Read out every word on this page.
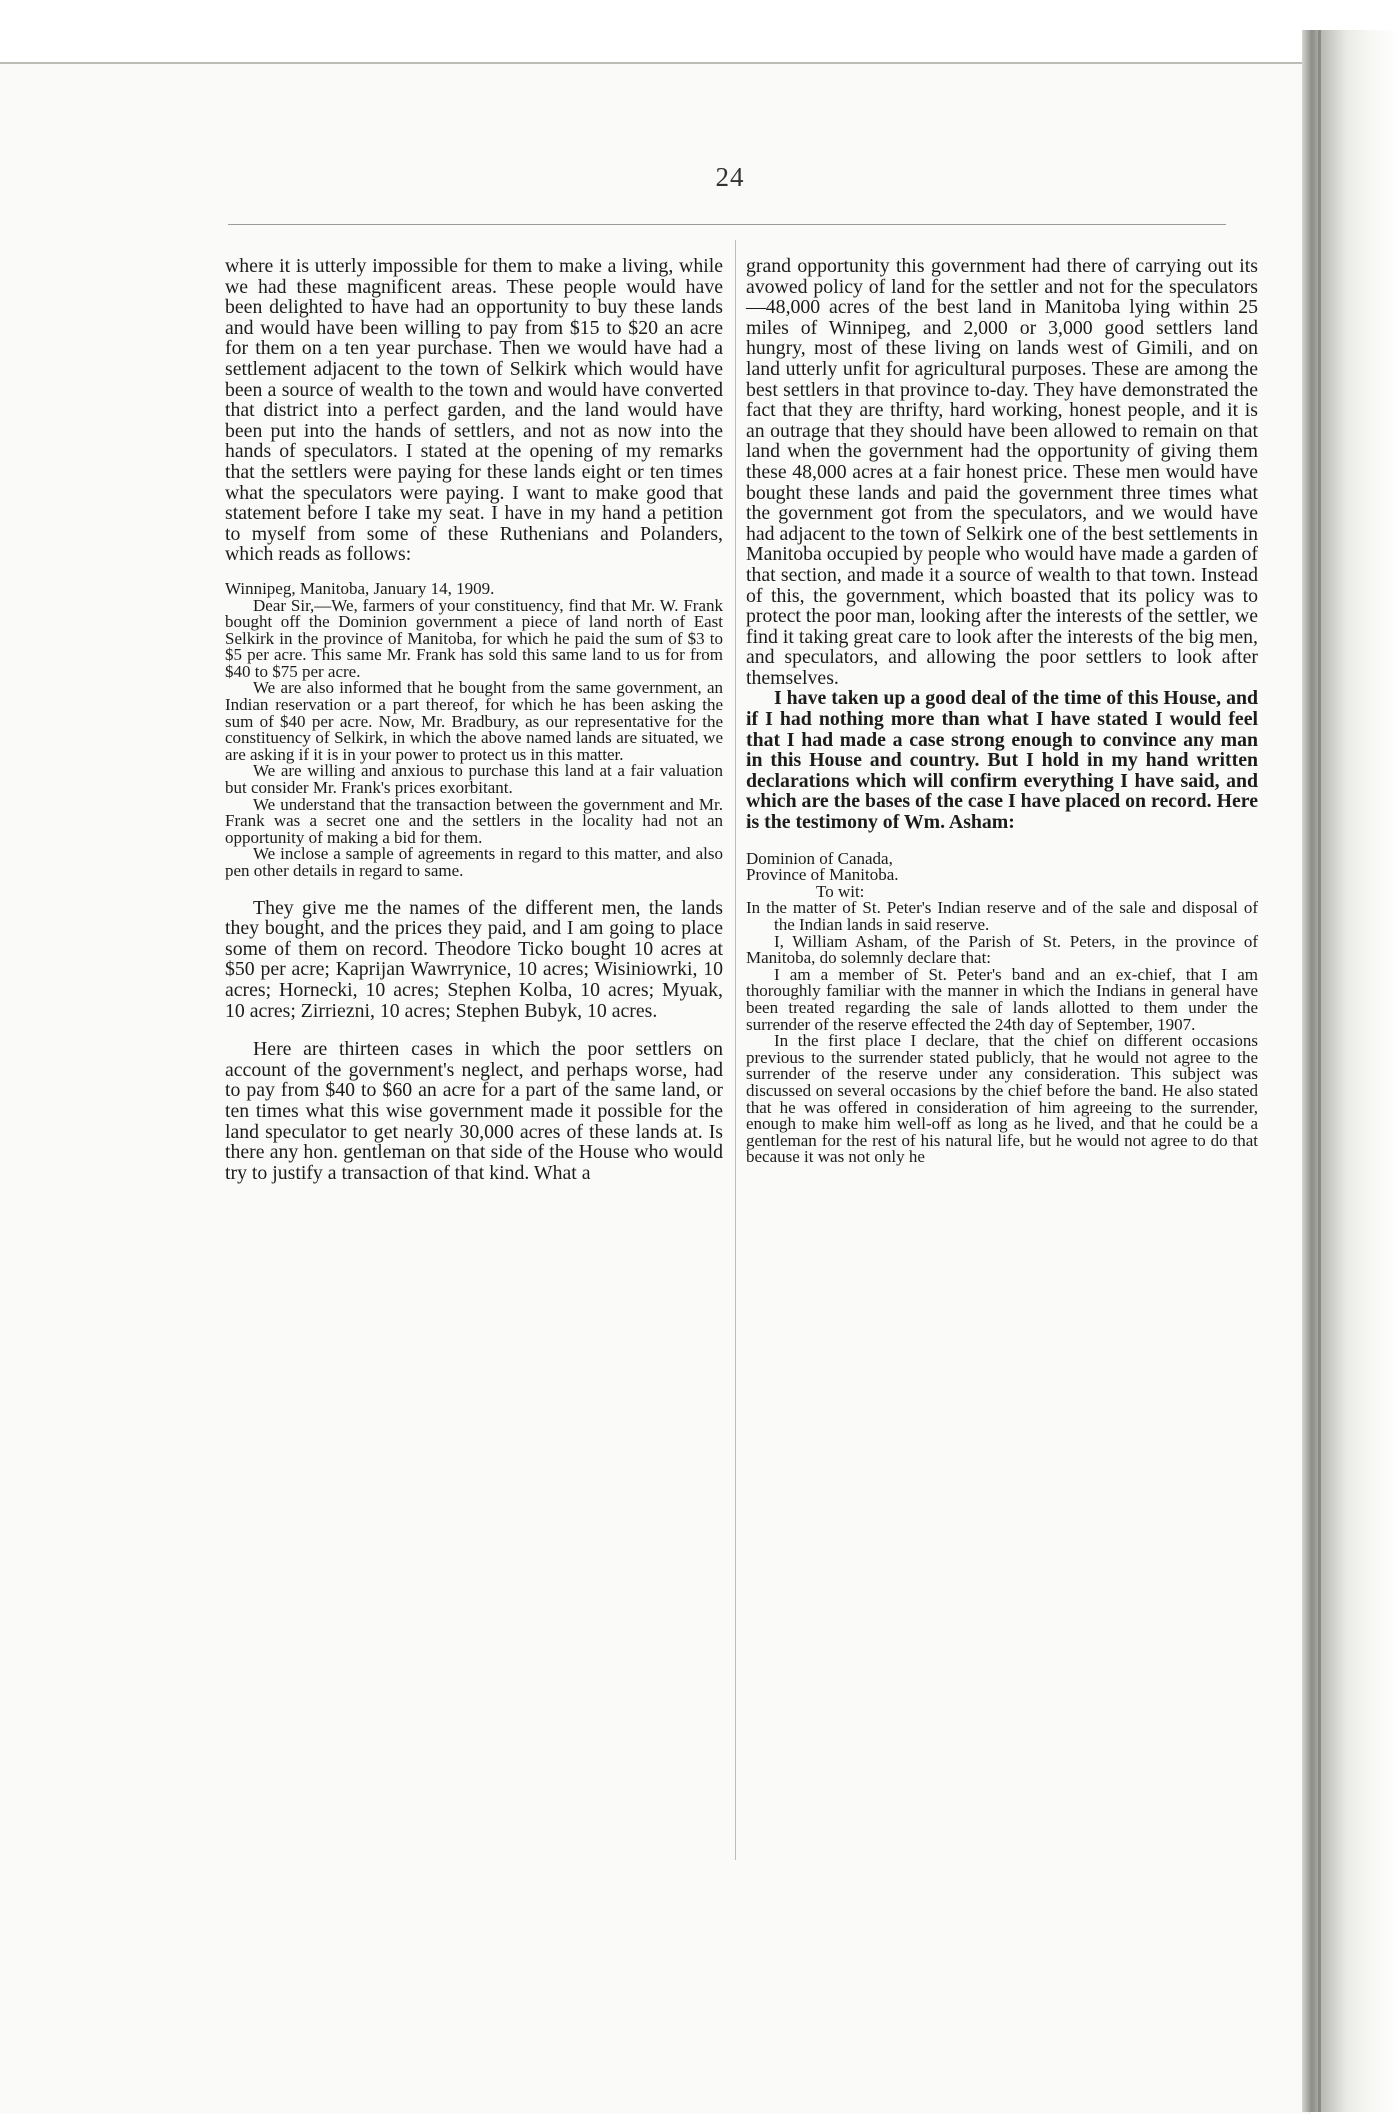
24

where it is utterly impossible for them to make a living, while we had these magnificent areas. These people would have been delighted to have had an opportunity to buy these lands and would have been willing to pay from $15 to $20 an acre for them on a ten year purchase. Then we would have had a settlement adjacent to the town of Selkirk which would have been a source of wealth to the town and would have converted that district into a perfect garden, and the land would have been put into the hands of settlers, and not as now into the hands of speculators. I stated at the opening of my remarks that the settlers were paying for these lands eight or ten times what the speculators were paying. I want to make good that statement before I take my seat. I have in my hand a petition to myself from some of these Ruthenians and Polanders, which reads as follows:

Winnipeg, Manitoba, January 14, 1909.

Dear Sir,—We, farmers of your constituency, find that Mr. W. Frank bought off the Dominion government a piece of land north of East Selkirk in the province of Manitoba, for which he paid the sum of $3 to $5 per acre. This same Mr. Frank has sold this same land to us for from $40 to $75 per acre.

We are also informed that he bought from the same government, an Indian reservation or a part thereof, for which he has been asking the sum of $40 per acre. Now, Mr. Bradbury, as our representative for the constituency of Selkirk, in which the above named lands are situated, we are asking if it is in your power to protect us in this matter.

We are willing and anxious to purchase this land at a fair valuation but consider Mr. Frank's prices exorbitant.

We understand that the transaction between the government and Mr. Frank was a secret one and the settlers in the locality had not an opportunity of making a bid for them.

We inclose a sample of agreements in regard to this matter, and also pen other details in regard to same.

They give me the names of the different men, the lands they bought, and the prices they paid, and I am going to place some of them on record. Theodore Ticko bought 10 acres at $50 per acre; Kaprijan Wawrrynice, 10 acres; Wisiniowrki, 10 acres; Hornecki, 10 acres; Stephen Kolba, 10 acres; Myuak, 10 acres; Zirriezni, 10 acres; Stephen Bubyk, 10 acres.

Here are thirteen cases in which the poor settlers on account of the government's neglect, and perhaps worse, had to pay from $40 to $60 an acre for a part of the same land, or ten times what this wise government made it possible for the land speculator to get nearly 30,000 acres of these lands at. Is there any hon. gentleman on that side of the House who would try to justify a transaction of that kind. What a

grand opportunity this government had there of carrying out its avowed policy of land for the settler and not for the speculators—48,000 acres of the best land in Manitoba lying within 25 miles of Winnipeg, and 2,000 or 3,000 good settlers land hungry, most of these living on lands west of Gimili, and on land utterly unfit for agricultural purposes. These are among the best settlers in that province to-day. They have demonstrated the fact that they are thrifty, hard working, honest people, and it is an outrage that they should have been allowed to remain on that land when the government had the opportunity of giving them these 48,000 acres at a fair honest price. These men would have bought these lands and paid the government three times what the government got from the speculators, and we would have had adjacent to the town of Selkirk one of the best settlements in Manitoba occupied by people who would have made a garden of that section, and made it a source of wealth to that town. Instead of this, the government, which boasted that its policy was to protect the poor man, looking after the interests of the settler, we find it taking great care to look after the interests of the big men, and speculators, and allowing the poor settlers to look after themselves.

I have taken up a good deal of the time of this House, and if I had nothing more than what I have stated I would feel that I had made a case strong enough to convince any man in this House and country. But I hold in my hand written declarations which will confirm everything I have said, and which are the bases of the case I have placed on record. Here is the testimony of Wm. Asham:

Dominion of Canada,

Province of Manitoba.

To wit:

In the matter of St. Peter's Indian reserve and of the sale and disposal of the Indian lands in said reserve.

I, William Asham, of the Parish of St. Peters, in the province of Manitoba, do solemnly declare that:

I am a member of St. Peter's band and an ex-chief, that I am thoroughly familiar with the manner in which the Indians in general have been treated regarding the sale of lands allotted to them under the surrender of the reserve effected the 24th day of September, 1907.

In the first place I declare, that the chief on different occasions previous to the surrender stated publicly, that he would not agree to the surrender of the reserve under any consideration. This subject was discussed on several occasions by the chief before the band. He also stated that he was offered in consideration of him agreeing to the surrender, enough to make him well-off as long as he lived, and that he could be a gentleman for the rest of his natural life, but he would not agree to do that because it was not only he
